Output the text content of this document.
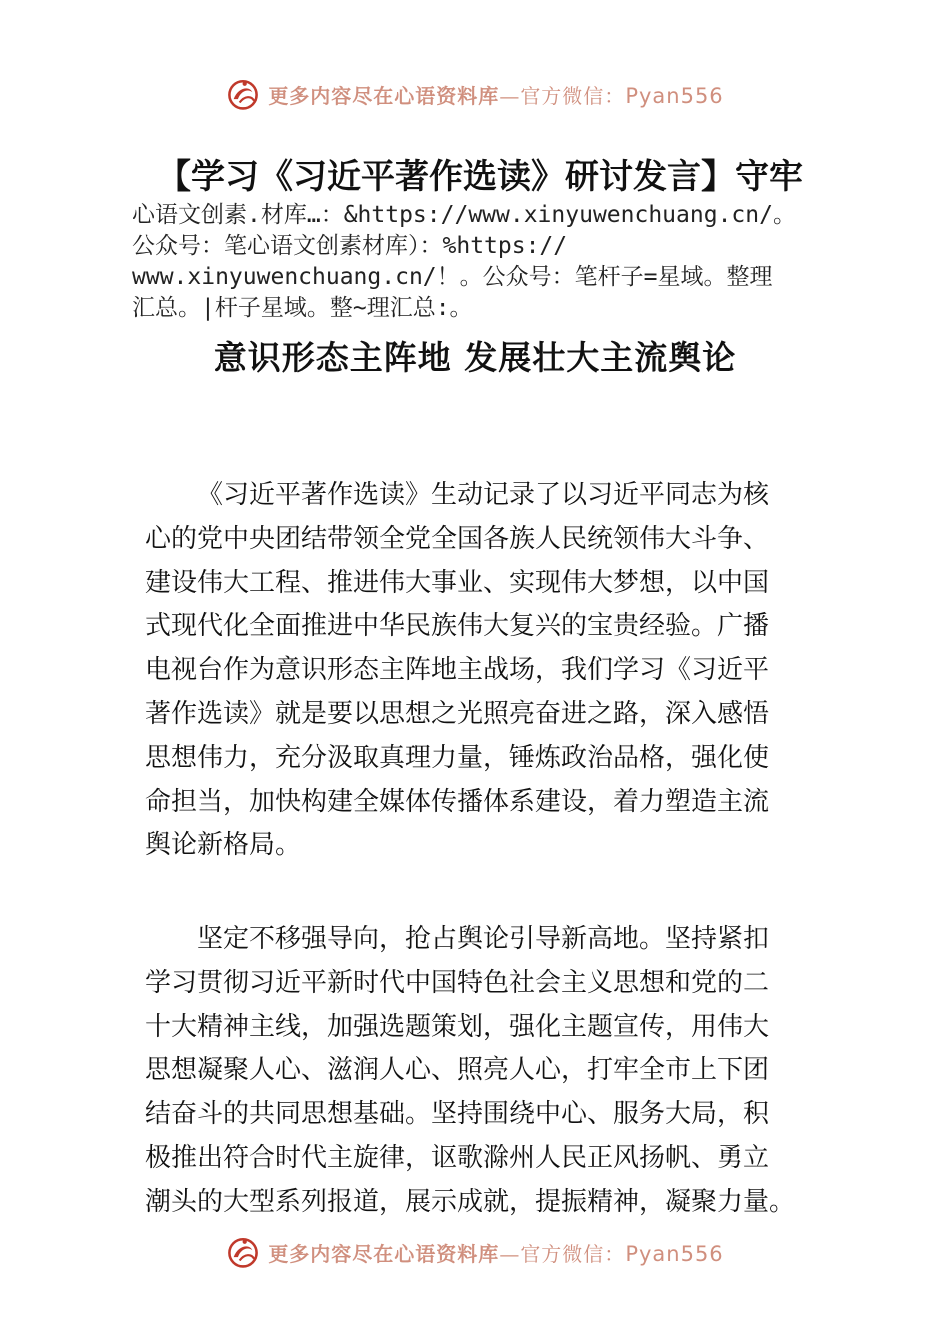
更多内容尽在心语资料库—官方微信：Pyan556
【学习《习近平著作选读》研讨发言】守牢
心语文创素.材库…：&https://www.xinyuwenchuang.cn/。
公众号：笔心语文创素材库）：%https://
www.xinyuwenchuang.cn/！。公众号：笔杆子=星域。整理
汇总。|杆子星域。整~理汇总:。
意识形态主阵地 发展壮大主流舆论
《习近平著作选读》生动记录了以习近平同志为核
心的党中央团结带领全党全国各族人民统领伟大斗争、
建设伟大工程、推进伟大事业、实现伟大梦想，以中国
式现代化全面推进中华民族伟大复兴的宝贵经验。广播
电视台作为意识形态主阵地主战场，我们学习《习近平
著作选读》就是要以思想之光照亮奋进之路，深入感悟
思想伟力，充分汲取真理力量，锤炼政治品格，强化使
命担当，加快构建全媒体传播体系建设，着力塑造主流
舆论新格局。
坚定不移强导向，抢占舆论引导新高地。坚持紧扣
学习贯彻习近平新时代中国特色社会主义思想和党的二
十大精神主线，加强选题策划，强化主题宣传，用伟大
思想凝聚人心、滋润人心、照亮人心，打牢全市上下团
结奋斗的共同思想基础。坚持围绕中心、服务大局，积
极推出符合时代主旋律，讴歌滁州人民正风扬帆、勇立
潮头的大型系列报道，展示成就，提振精神，凝聚力量。
更多内容尽在心语资料库—官方微信：Pyan556
